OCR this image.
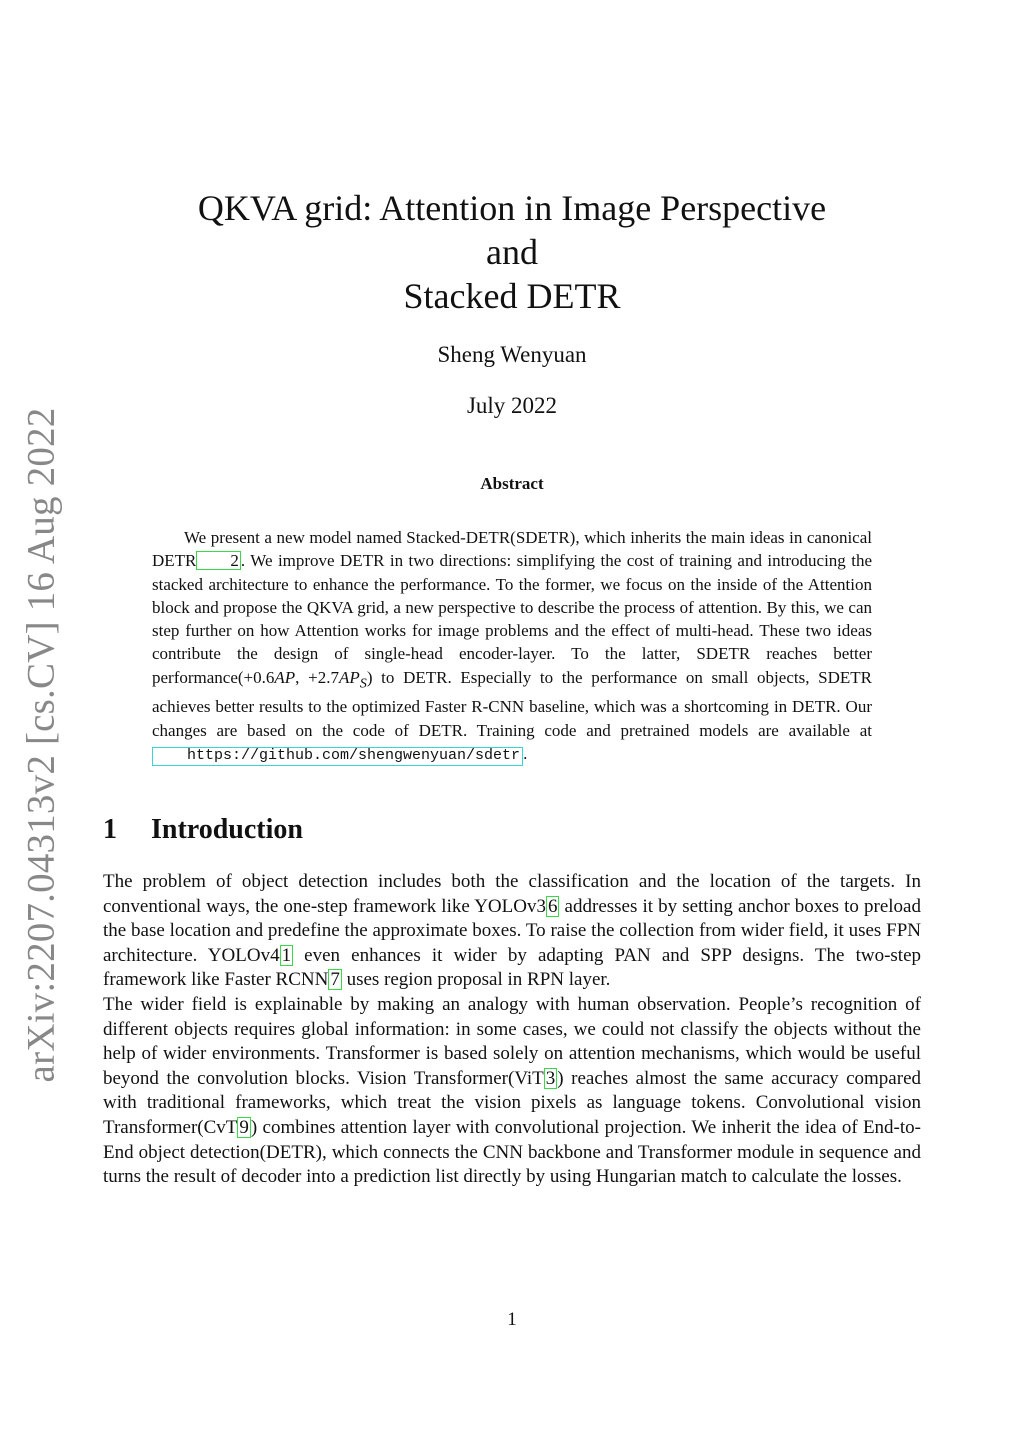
arXiv:2207.04313v2 [cs.CV] 16 Aug 2022
QKVA grid: Attention in Image Perspective
and
Stacked DETR
Sheng Wenyuan
July 2022
Abstract
We present a new model named Stacked-DETR(SDETR), which inherits the main ideas in canonical DETR 2 . We improve DETR in two directions: simplifying the cost of training and introducing the stacked architecture to enhance the performance. To the former, we focus on the inside of the Attention block and propose the QKVA grid, a new perspective to describe the process of attention. By this, we can step further on how Attention works for image problems and the effect of multi-head. These two ideas contribute the design of single-head encoder-layer. To the latter, SDETR reaches better performance(+0.6AP, $+2.7AP_S$) to DETR. Especially to the performance on small objects, SDETR achieves better results to the optimized Faster R-CNN baseline, which was a shortcoming in DETR. Our changes are based on the code of DETR. Training code and pretrained models are available at https://github.com/shengwenyuan/sdetr .
1 Introduction

The problem of object detection includes both the classification and the location of the targets. In conventional ways, the one-step framework like YOLOv3 6 addresses it by setting anchor boxes to preload the base location and predefine the approximate boxes. To raise the collection from wider field, it uses FPN architecture. YOLOv4 1 even enhances it wider by adapting PAN and SPP designs. The two-step framework like Faster RCNN 7 uses region proposal in RPN layer.

The wider field is explainable by making an analogy with human observation. People’s recognition of different objects requires global information: in some cases, we could not classify the objects without the help of wider environments. Transformer is based solely on attention mechanisms, which would be useful beyond the convolution blocks. Vision Transformer(ViT 3 ) reaches almost the same accuracy compared with traditional frameworks, which treat the vision pixels as language tokens. Convolutional vision Transformer(CvT 9 ) combines attention layer with convolutional projection. We inherit the idea of End-to-End object detection(DETR), which connects the CNN backbone and Transformer module in sequence and turns the result of decoder into a prediction list directly by using Hungarian match to calculate the losses.

1
